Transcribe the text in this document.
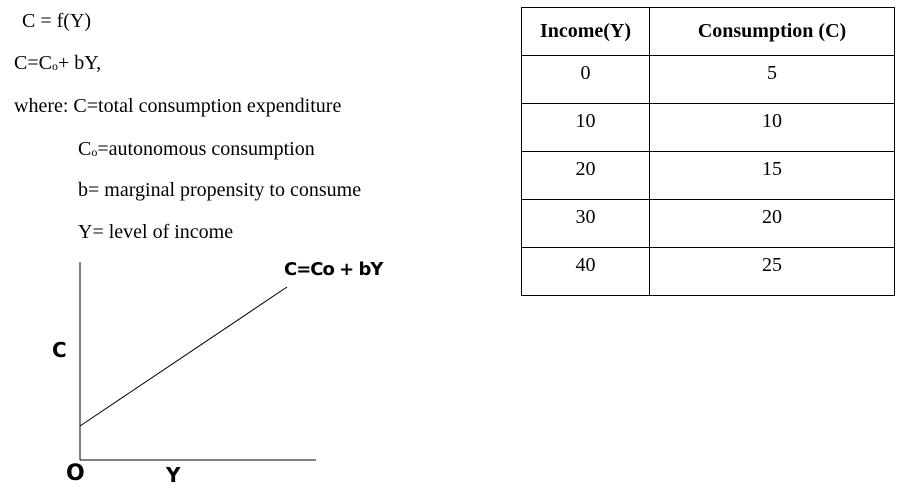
C = f(Y)
C=Co+ bY,
where: C=total consumption expenditure
Co=autonomous consumption
b= marginal propensity to consume
Y= level of income
C=Co + bY
C
O	Y
Income(Y)	Consumption (C)
0	5
10	10
20	15
30	20
40	25
